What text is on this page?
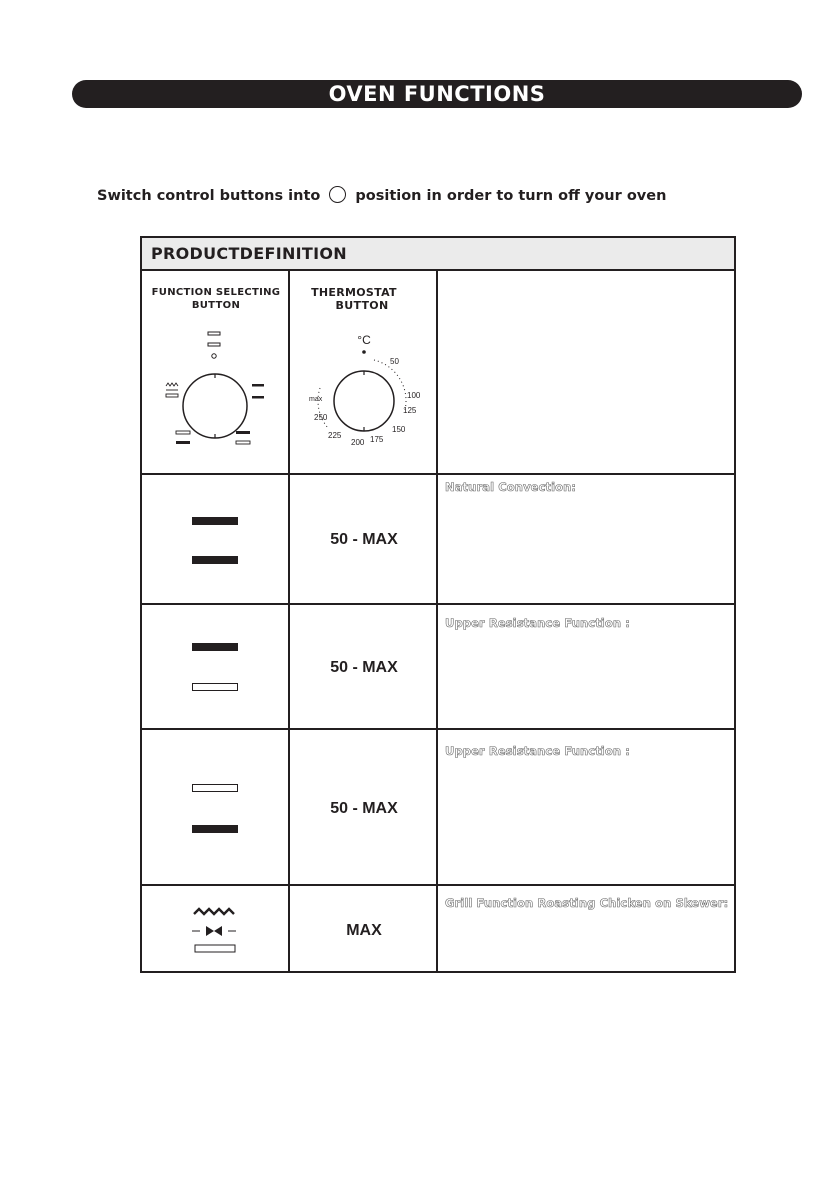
OVEN FUNCTIONS
Switch control buttons into position in order to turn off your oven
PRODUCTDEFINITION
FUNCTION SELECTING
BUTTON
THERMOSTAT
BUTTON
°C
50
100
125
150
175
200
225
250
max
50 - MAX
Natural Convection:
50 - MAX
Upper Resistance Function :
50 - MAX
Upper Resistance Function :
MAX
Grill Function Roasting Chicken on Skewer:
